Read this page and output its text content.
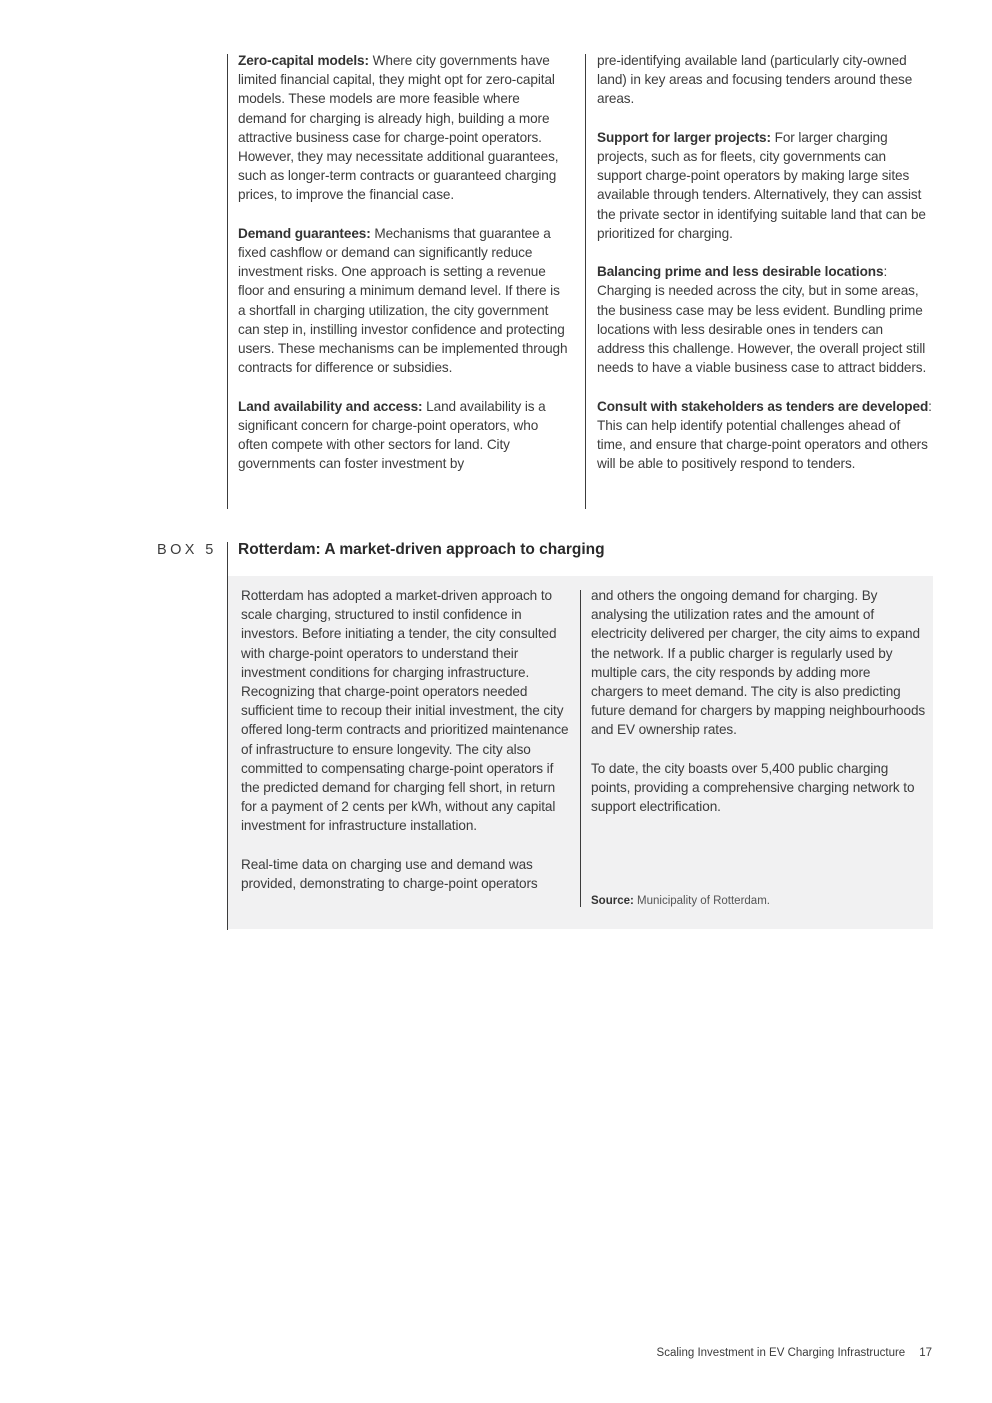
Zero-capital models: Where city governments have limited financial capital, they might opt for zero-capital models. These models are more feasible where demand for charging is already high, building a more attractive business case for charge-point operators. However, they may necessitate additional guarantees, such as longer-term contracts or guaranteed charging prices, to improve the financial case.

Demand guarantees: Mechanisms that guarantee a fixed cashflow or demand can significantly reduce investment risks. One approach is setting a revenue floor and ensuring a minimum demand level. If there is a shortfall in charging utilization, the city government can step in, instilling investor confidence and protecting users. These mechanisms can be implemented through contracts for difference or subsidies.

Land availability and access: Land availability is a significant concern for charge-point operators, who often compete with other sectors for land. City governments can foster investment by

pre-identifying available land (particularly city-owned land) in key areas and focusing tenders around these areas.

Support for larger projects: For larger charging projects, such as for fleets, city governments can support charge-point operators by making large sites available through tenders. Alternatively, they can assist the private sector in identifying suitable land that can be prioritized for charging.

Balancing prime and less desirable locations: Charging is needed across the city, but in some areas, the business case may be less evident. Bundling prime locations with less desirable ones in tenders can address this challenge. However, the overall project still needs to have a viable business case to attract bidders.

Consult with stakeholders as tenders are developed: This can help identify potential challenges ahead of time, and ensure that charge-point operators and others will be able to positively respond to tenders.

BOX 5 Rotterdam: A market-driven approach to charging

Rotterdam has adopted a market-driven approach to scale charging, structured to instil confidence in investors. Before initiating a tender, the city consulted with charge-point operators to understand their investment conditions for charging infrastructure. Recognizing that charge-point operators needed sufficient time to recoup their initial investment, the city offered long-term contracts and prioritized maintenance of infrastructure to ensure longevity. The city also committed to compensating charge-point operators if the predicted demand for charging fell short, in return for a payment of 2 cents per kWh, without any capital investment for infrastructure installation.

Real-time data on charging use and demand was provided, demonstrating to charge-point operators

and others the ongoing demand for charging. By analysing the utilization rates and the amount of electricity delivered per charger, the city aims to expand the network. If a public charger is regularly used by multiple cars, the city responds by adding more chargers to meet demand. The city is also predicting future demand for chargers by mapping neighbourhoods and EV ownership rates.

To date, the city boasts over 5,400 public charging points, providing a comprehensive charging network to support electrification.

Source: Municipality of Rotterdam.
Scaling Investment in EV Charging Infrastructure 17
